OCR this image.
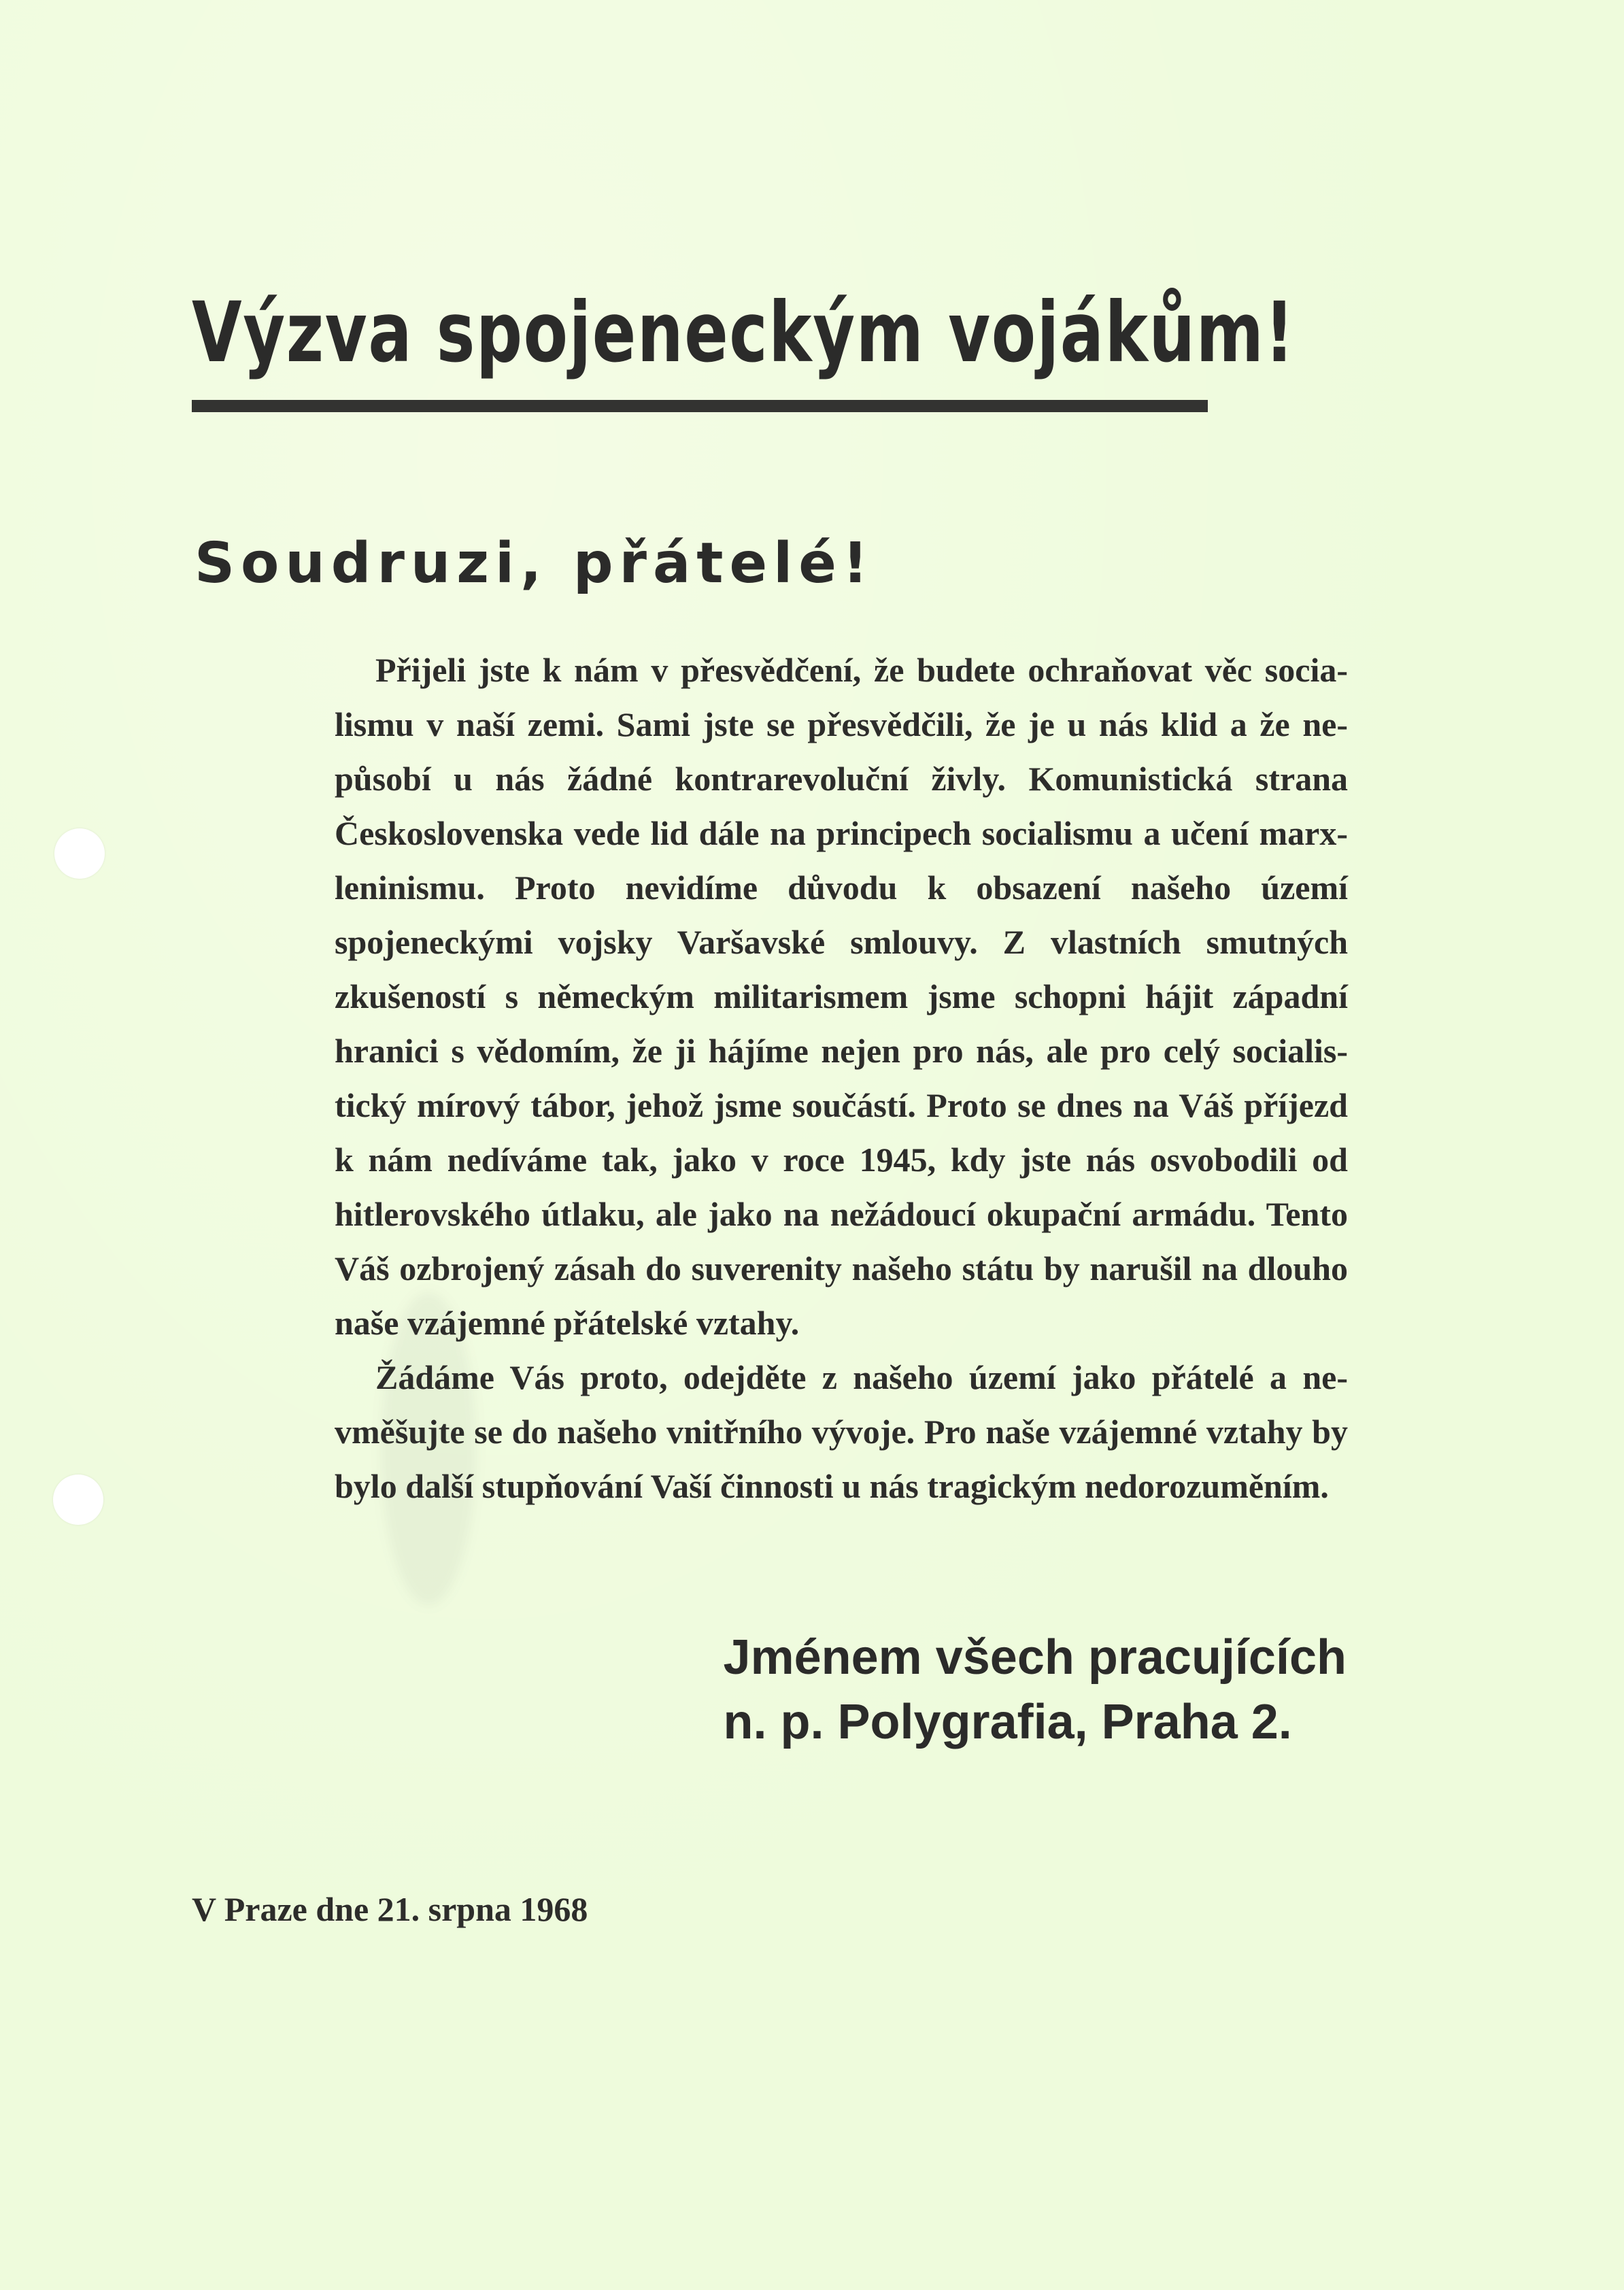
Výzva spojeneckým vojákům!
Soudruzi, přátelé!

Přijeli jste k nám v přesvědčení, že budete ochraňovat věc socialismu v naší zemi. Sami jste se přesvědčili, že je u nás klid a že nepůsobí u nás žádné kontrarevoluční živly. Komunistická strana Československa vede lid dále na principech socialismu a učení marx-leninismu. Proto nevidíme důvodu k obsazení našeho území spojeneckými vojsky Varšavské smlouvy. Z vlastních smutných zkušeností s německým militarismem jsme schopni hájit západní hranici s vědomím, že ji hájíme nejen pro nás, ale pro celý socialistický mírový tábor, jehož jsme součástí. Proto se dnes na Váš příjezd k nám nedíváme tak, jako v roce 1945, kdy jste nás osvobodili od hitlerovského útlaku, ale jako na nežádoucí okupační armádu. Tento Váš ozbrojený zásah do suverenity našeho státu by narušil na dlouho naše vzájemné přátelské vztahy.

Žádáme Vás proto, odejděte z našeho území jako přátelé a nevměšujte se do našeho vnitřního vývoje. Pro naše vzájemné vztahy by bylo další stupňování Vaší činnosti u nás tragickým nedorozuměním.

Jménem všech pracujících
n. p. Polygrafia, Praha 2.

V Praze dne 21. srpna 1968
